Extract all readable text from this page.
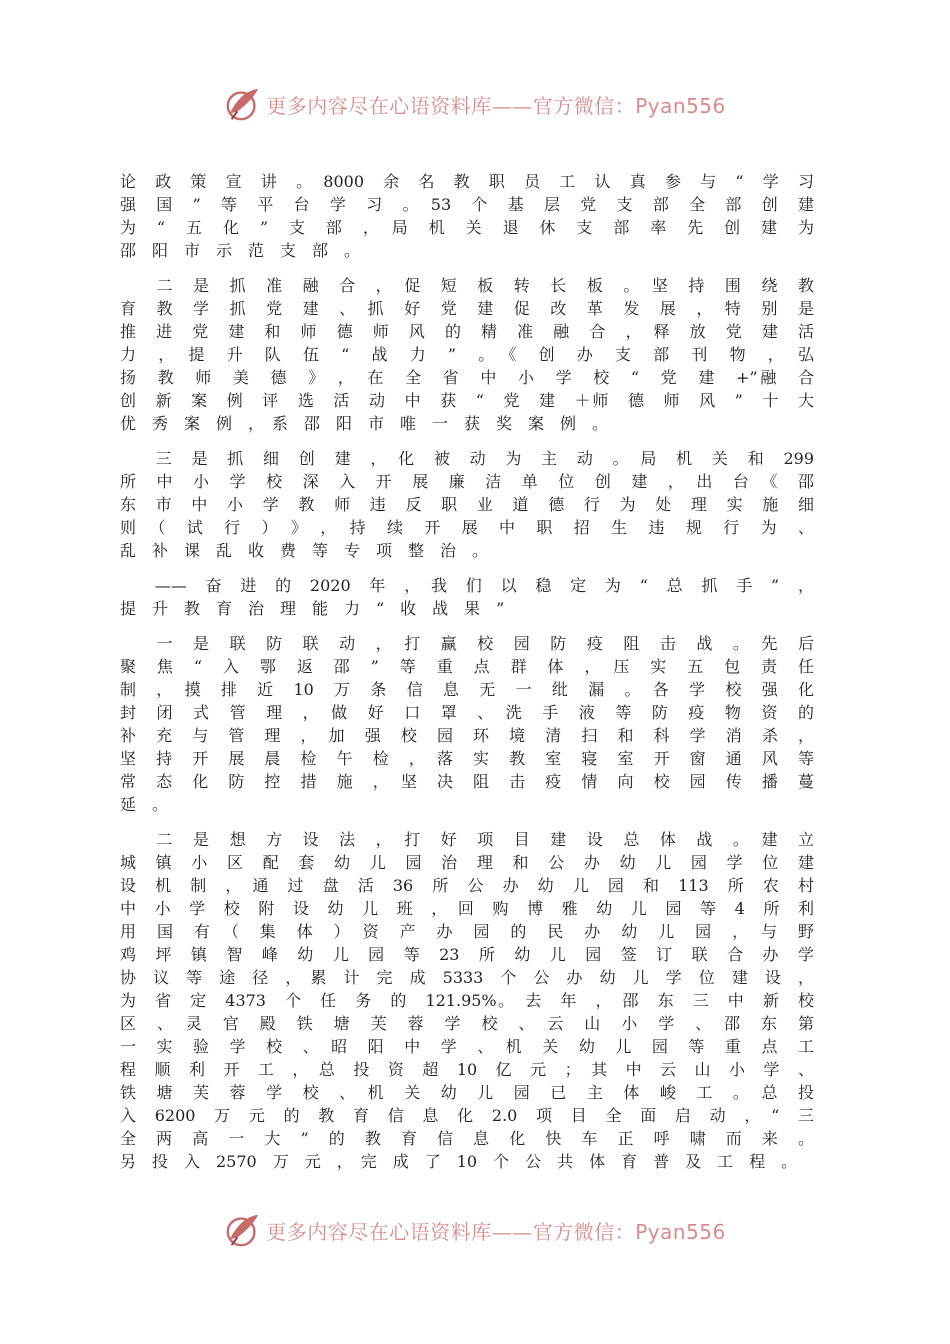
更多内容尽在心语资料库——官方微信：Pyan556
论　政　策　宣　讲　。　8000　余　名　教　职　员　工　认　真　参　与　“　学　习
强　国　”　等　平　台　学　习　。　53　个　基　层　党　支　部　全　部　创　建
为　“　五　化　”　支　部　，　局　机　关　退　休　支　部　率　先　创　建　为
邵　阳　市　示　范　支　部　。
　　二　是　抓　准　融　合　，　促　短　板　转　长　板　。　坚　持　围　绕　教
育　教　学　抓　党　建　、　抓　好　党　建　促　改　革　发　展　，　特　别　是
推　进　党　建　和　师　德　师　风　的　精　准　融　合　，　释　放　党　建　活
力　，　提　升　队　伍　“　战　力　”　。　《　创　办　支　部　刊　物　，　弘
扬　教　师　美　德　》　，　在　全　省　中　小　学　校　“　党　建　+”融　合
创　新　案　例　评　选　活　动　中　获　“　党　建　＋师　德　师　风　”　十　大
优　秀　案　例　，　系　邵　阳　市　唯　一　获　奖　案　例　。
　　三　是　抓　细　创　建　，　化　被　动　为　主　动　。　局　机　关　和　299
所　中　小　学　校　深　入　开　展　廉　洁　单　位　创　建　，　出　台　《　邵
东　市　中　小　学　教　师　违　反　职　业　道　德　行　为　处　理　实　施　细
则　（　试　行　）　》　，　持　续　开　展　中　职　招　生　违　规　行　为　、
乱　补　课　乱　收　费　等　专　项　整　治　。
　　——　奋　进　的　2020　年　，　我　们　以　稳　定　为　“　总　抓　手　”　，
提　升　教　育　治　理　能　力　“　收　战　果　”
　　一　是　联　防　联　动　，　打　赢　校　园　防　疫　阻　击　战　。　先　后
聚　焦　“　入　鄂　返　邵　”　等　重　点　群　体　，　压　实　五　包　责　任
制　，　摸　排　近　10　万　条　信　息　无　一　纰　漏　。　各　学　校　强　化
封　闭　式　管　理　，　做　好　口　罩　、　洗　手　液　等　防　疫　物　资　的
补　充　与　管　理　，　加　强　校　园　环　境　清　扫　和　科　学　消　杀　，
坚　持　开　展　晨　检　午　检　，　落　实　教　室　寝　室　开　窗　通　风　等
常　态　化　防　控　措　施　，　坚　决　阻　击　疫　情　向　校　园　传　播　蔓
延　。
　　二　是　想　方　设　法　，　打　好　项　目　建　设　总　体　战　。　建　立
城　镇　小　区　配　套　幼　儿　园　治　理　和　公　办　幼　儿　园　学　位　建
设　机　制　，　通　过　盘　活　36　所　公　办　幼　儿　园　和　113　所　农　村
中　小　学　校　附　设　幼　儿　班　，　回　购　博　雅　幼　儿　园　等　4　所　利
用　国　有　（　集　体　）　资　产　办　园　的　民　办　幼　儿　园　，　与　野
鸡　坪　镇　智　峰　幼　儿　园　等　23　所　幼　儿　园　签　订　联　合　办　学
协　议　等　途　径　，　累　计　完　成　5333　个　公　办　幼　儿　学　位　建　设　，
为　省　定　4373　个　任　务　的　121.95%。　去　年　，　邵　东　三　中　新　校
区　、　灵　官　殿　铁　塘　芙　蓉　学　校　、　云　山　小　学　、　邵　东　第
一　实　验　学　校　、　昭　阳　中　学　、　机　关　幼　儿　园　等　重　点　工
程　顺　利　开　工　，　总　投　资　超　10　亿　元　；　其　中　云　山　小　学　、
铁　塘　芙　蓉　学　校　、　机　关　幼　儿　园　已　主　体　峻　工　。　总　投
入　6200　万　元　的　教　育　信　息　化　2.0　项　目　全　面　启　动　，　“　三
全　两　高　一　大　”　的　教　育　信　息　化　快　车　正　呼　啸　而　来　。
另　投　入　2570　万　元　，　完　成　了　10　个　公　共　体　育　普　及　工　程　。
更多内容尽在心语资料库——官方微信：Pyan556
